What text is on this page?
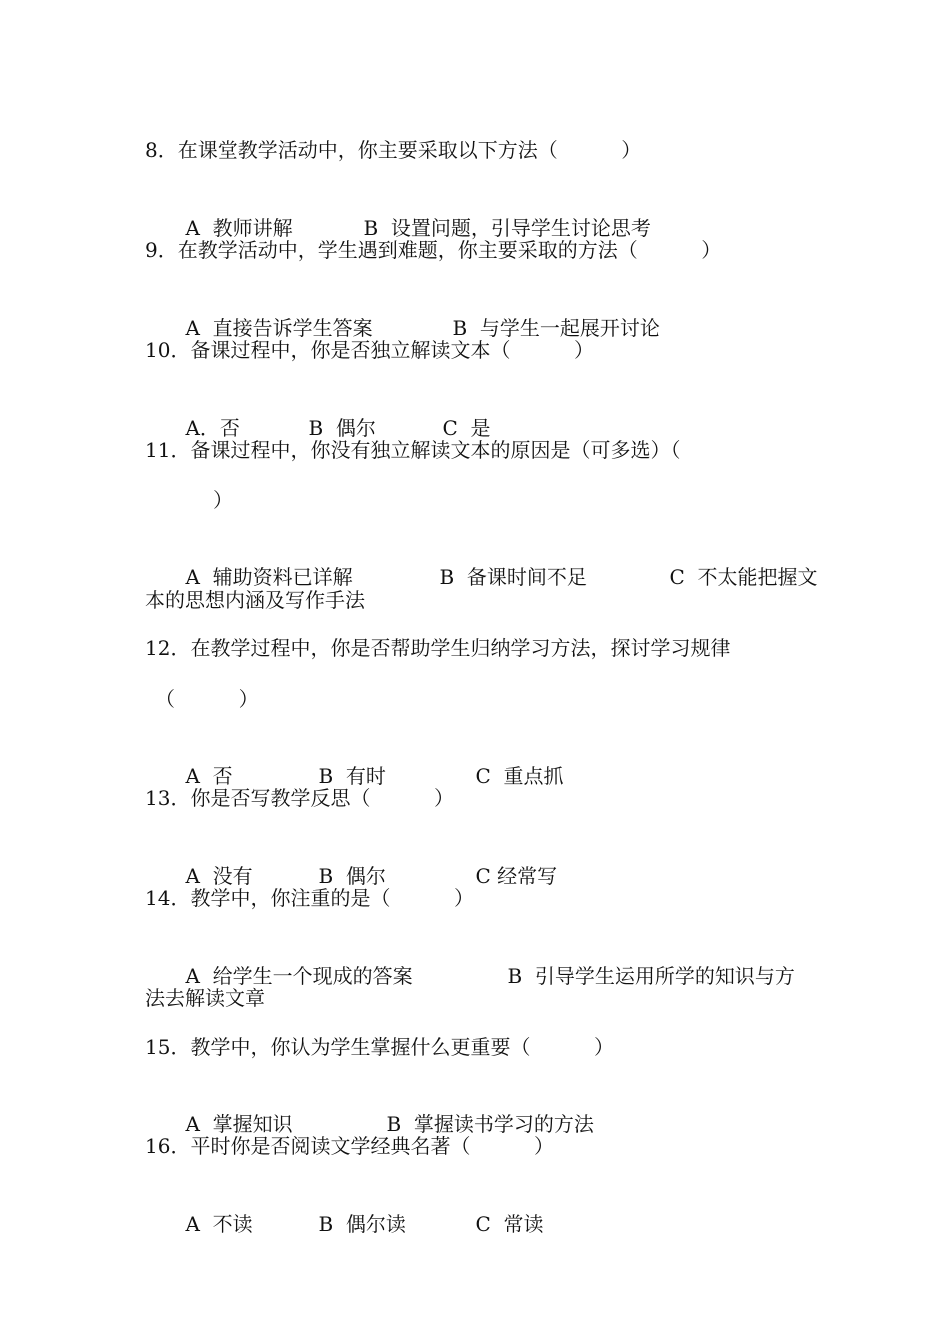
8．在课堂教学活动中，你主要采取以下方法（          ）

A  教师讲解	B  设置问题，引导学生讨论思考

9．在教学活动中，学生遇到难题，你主要采取的方法（          ）

A  直接告诉学生答案	B  与学生一起展开讨论

10．备课过程中，你是否独立解读文本（          ）

A．否	B  偶尔	C  是

11．备课过程中，你没有独立解读文本的原因是（可多选）（
）

A  辅助资料已详解	B  备课时间不足	C  不太能把握文

本的思想内涵及写作手法
12．在教学过程中，你是否帮助学生归纳学习方法，探讨学习规律
（          ）

A  否	B  有时	C  重点抓

13．你是否写教学反思（          ）

A  没有	B  偶尔	C 经常写

14．教学中，你注重的是（          ）

A  给学生一个现成的答案	B  引导学生运用所学的知识与方

法去解读文章
15．教学中，你认为学生掌握什么更重要（          ）

A  掌握知识	B  掌握读书学习的方法

16．平时你是否阅读文学经典名著（          ）

A  不读	B  偶尔读	C  常读
